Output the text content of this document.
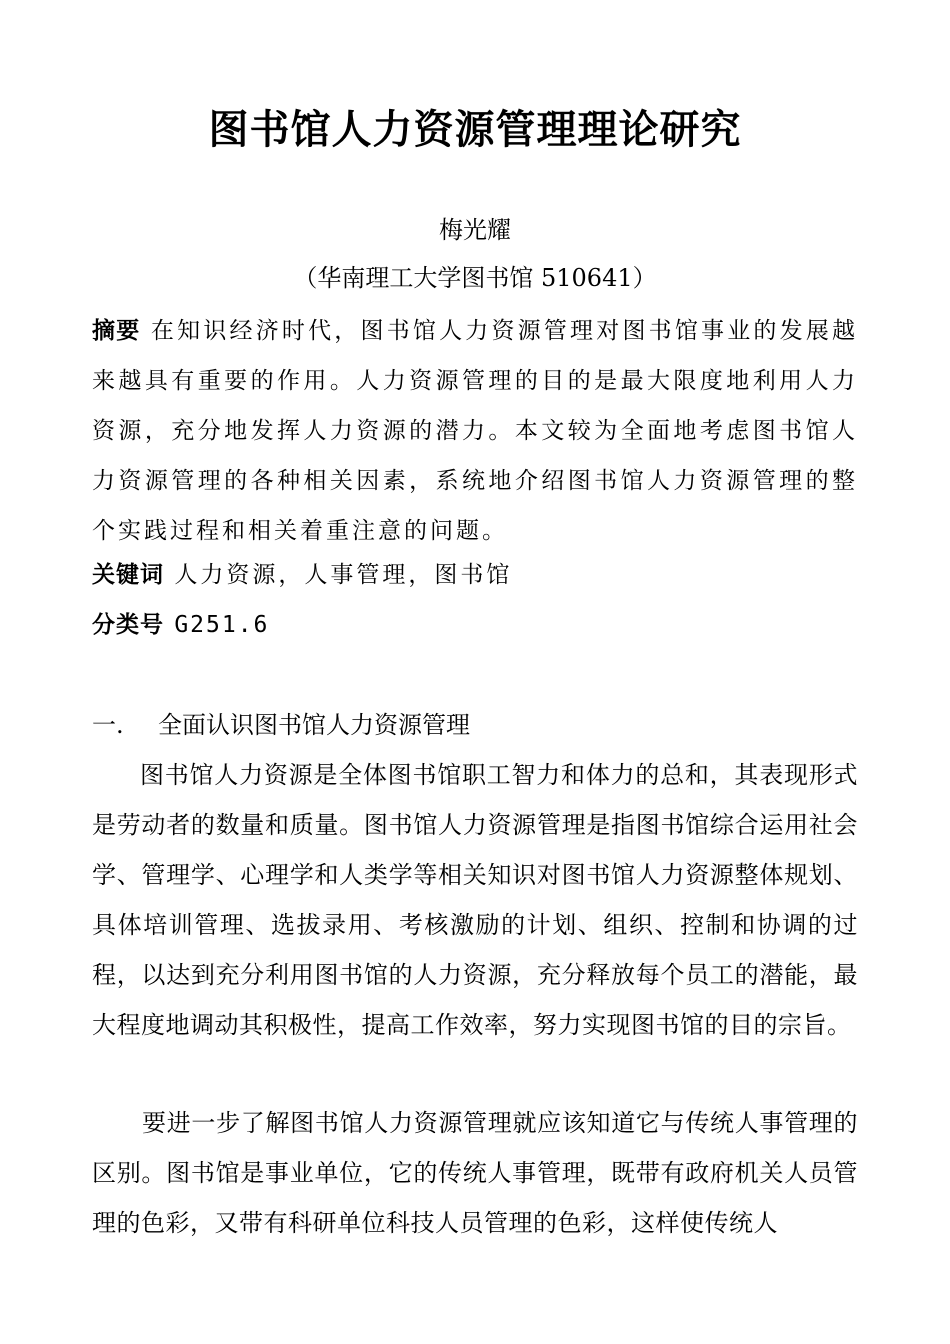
图书馆人力资源管理理论研究
梅光耀
（华南理工大学图书馆 510641）
摘要 在知识经济时代，图书馆人力资源管理对图书馆事业的发展越来越具有重要的作用。人力资源管理的目的是最大限度地利用人力资源，充分地发挥人力资源的潜力。本文较为全面地考虑图书馆人力资源管理的各种相关因素，系统地介绍图书馆人力资源管理的整个实践过程和相关着重注意的问题。
关键词 人力资源，人事管理，图书馆
分类号 G251.6
一. 全面认识图书馆人力资源管理
图书馆人力资源是全体图书馆职工智力和体力的总和，其表现形式是劳动者的数量和质量。图书馆人力资源管理是指图书馆综合运用社会学、管理学、心理学和人类学等相关知识对图书馆人力资源整体规划、具体培训管理、选拔录用、考核激励的计划、组织、控制和协调的过程，以达到充分利用图书馆的人力资源，充分释放每个员工的潜能，最大程度地调动其积极性，提高工作效率，努力实现图书馆的目的宗旨。
要进一步了解图书馆人力资源管理就应该知道它与传统人事管理的区别。图书馆是事业单位，它的传统人事管理，既带有政府机关人员管理的色彩，又带有科研单位科技人员管理的色彩，这样使传统人
